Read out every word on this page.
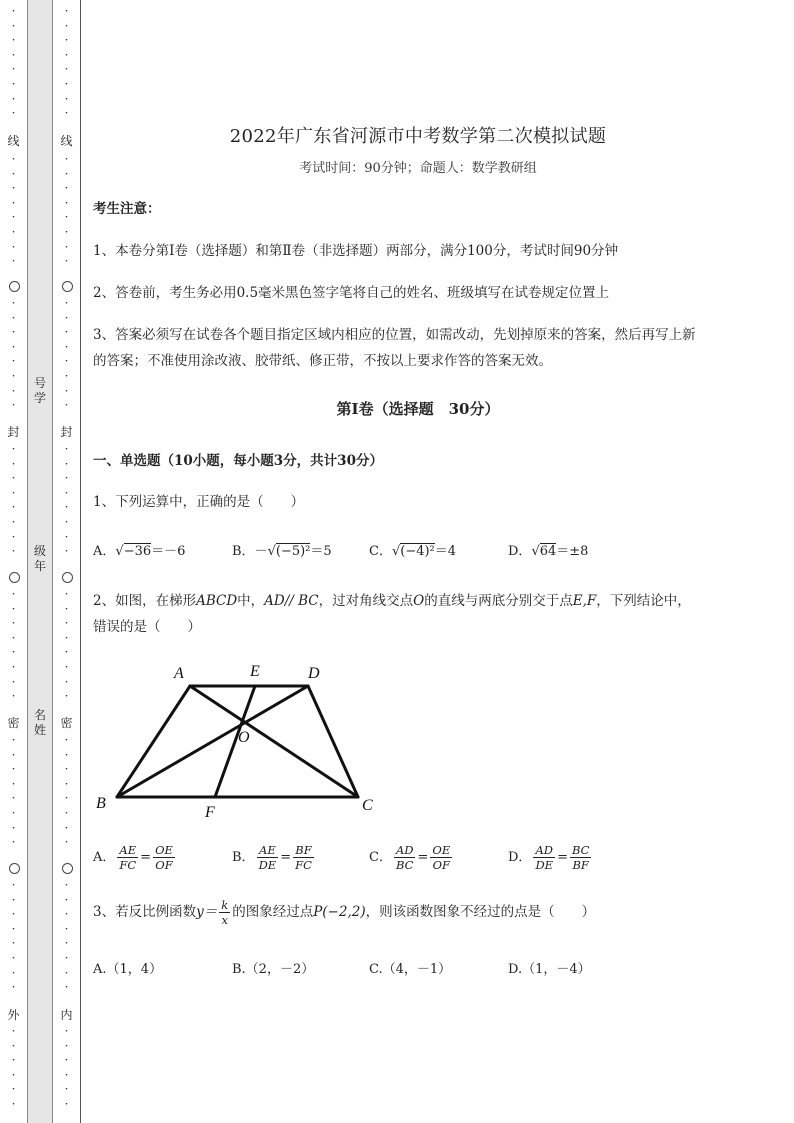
·
·
·
·
·
·
·
·
线
·
·
·
·
·
·
·
·
·
·
·
·
·
·
·
·
封
·
·
·
·
·
·
·
·
·
·
·
·
·
·
·
·
密
·
·
·
·
·
·
·
·
·
·
·
·
·
·
·
·
外
·
·
·
·
·
·
号
学
级
年
名
姓
·
·
·
·
·
·
·
·
线
·
·
·
·
·
·
·
·
·
·
·
·
·
·
·
·
封
·
·
·
·
·
·
·
·
·
·
·
·
·
·
·
·
密
·
·
·
·
·
·
·
·
·
·
·
·
·
·
·
·
内
·
·
·
·
·
·
2022年广东省河源市中考数学第二次模拟试题
考试时间：90分钟；命题人：数学教研组
考生注意：
1、本卷分第Ⅰ卷（选择题）和第Ⅱ卷（非选择题）两部分，满分100分，考试时间90分钟
2、答卷前，考生务必用0.5毫米黑色签字笔将自己的姓名、班级填写在试卷规定位置上
3、答案必须写在试卷各个题目指定区域内相应的位置，如需改动，先划掉原来的答案，然后再写上新
的答案；不准使用涂改液、胶带纸、修正带，不按以上要求作答的答案无效。
第Ⅰ卷（选择题　30分）
一、单选题（10小题，每小题3分，共计30分）
1、下列运算中，正确的是（　　）
A．√−36＝－6	B．－√(−5)²＝5	C．√(−4)²＝4	D．√64＝±8
2、如图，在梯形ABCD中，AD// BC，过对角线交点O的直线与两底分别交于点E,F，下列结论中，
错误的是（　　）
A	E	D
O
B
F	C
A． $\frac{AE}{FC} = \frac{OE}{OF}$	B． $\frac{AE}{DE} = \frac{BF}{FC}$	C． $\frac{AD}{BC} = \frac{OE}{OF}$	D． $\frac{AD}{DE} = \frac{BC}{BF}$
3、若反比例函数$y= \frac{k}{x}$ 的图象经过点P(−2,2)，则该函数图象不经过的点是（　　）
A.（1，4）	B.（2，－2）	C.（4，－1）	D.（1，－4）
